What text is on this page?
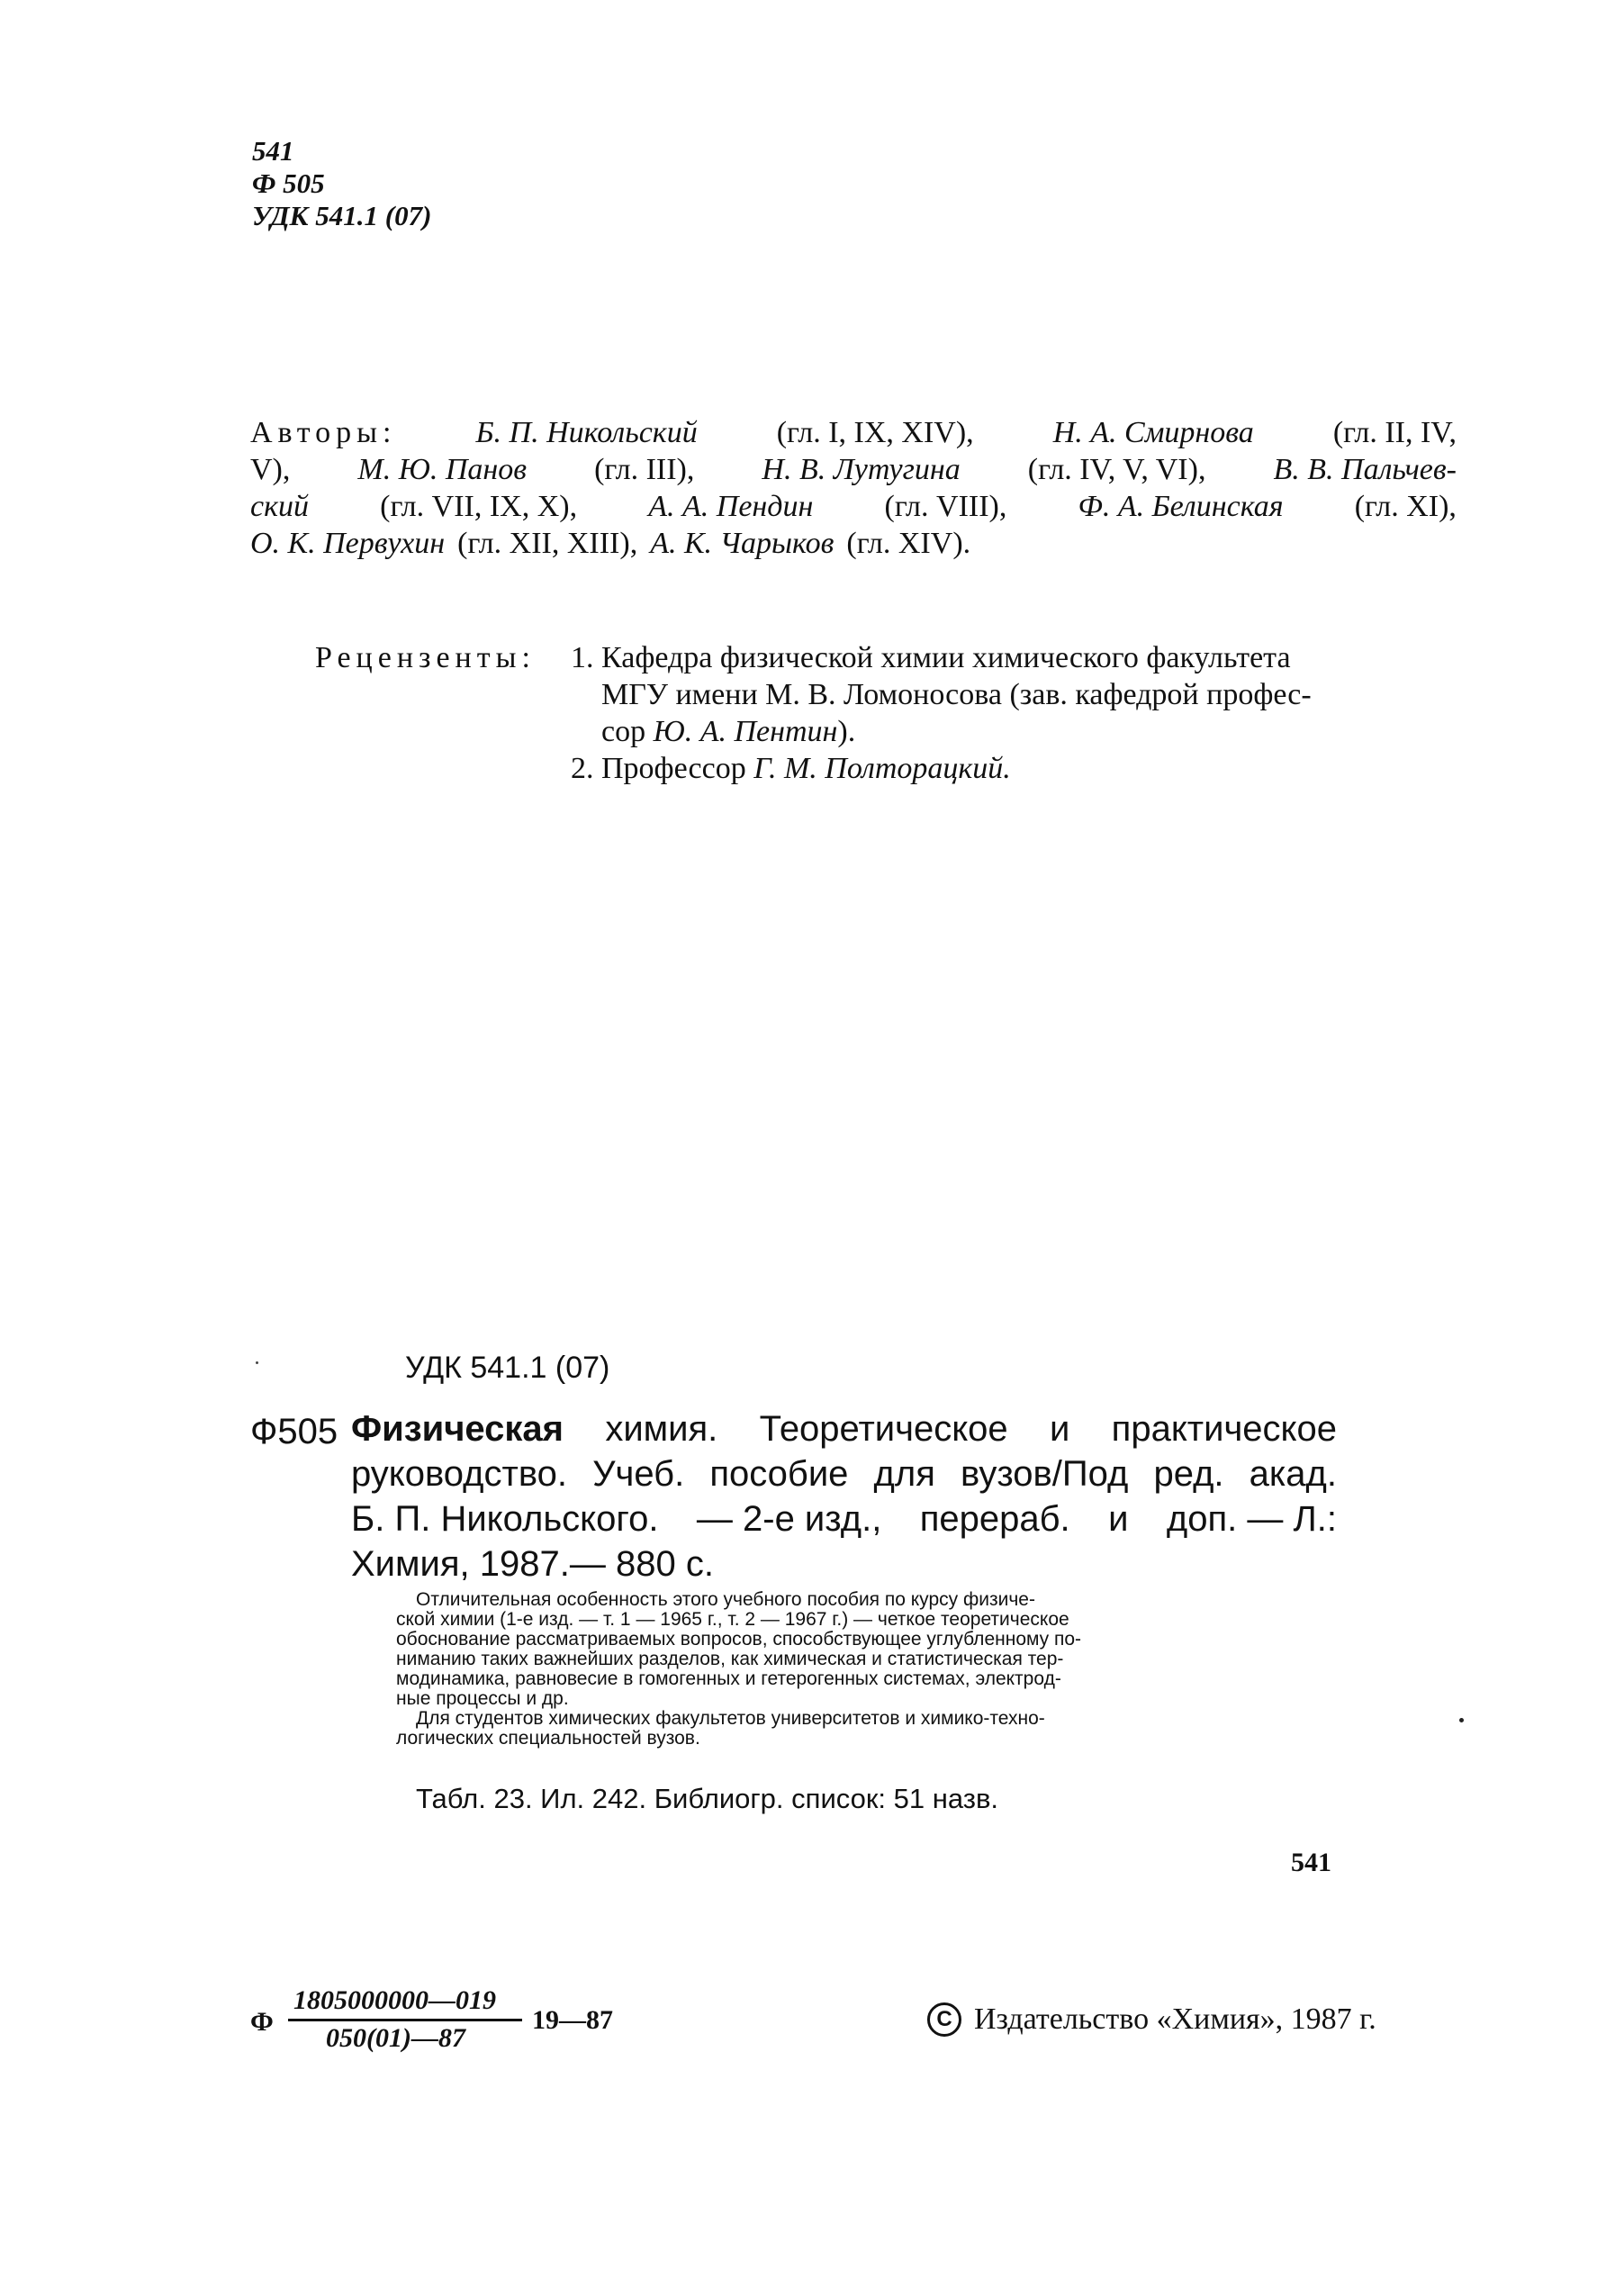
541
Ф 505
УДК 541.1 (07)
Авторы:	Б. П. Никольский	(гл. I, IX, XIV),	Н. А. Смирнова	(гл. II, IV,
V), М. Ю. Панов (гл. III), Н. В. Лутугина (гл. IV, V, VI), В. В. Пальчев-
ский (гл. VII, IX, X), А. А. Пендин (гл. VIII), Ф. А. Белинская (гл. XI),
О. К. Первухин (гл. XII, XIII), А. К. Чарыков (гл. XIV).
Рецензенты:	1. Кафедра физической химии химического факультета
МГУ имени М. В. Ломоносова (зав. кафедрой профес-
сор
Ю. А. Пентин ).
2. Профессор
Г. М. Полторацкий.
УДК 541.1 (07)
Ф505 Физическая химия. Теоретическое и практическое
руководство. Учеб. пособие для вузов/Под ред. акад.
Б. П. Никольского. — 2-е изд., перераб. и доп. — Л.:
Химия, 1987.— 880 с.
Отличительная особенность этого учебного пособия по курсу физиче-
ской химии (1-е изд. — т. 1 — 1965 г., т. 2 — 1967 г.) — четкое теоретическое
обоснование рассматриваемых вопросов, способствующее углубленному по-
ниманию таких важнейших разделов, как химическая и статистическая тер-
модинамика, равновесие в гомогенных и гетерогенных системах, электрод-
ные процессы и др.
Для студентов химических факультетов университетов и химико-техно-
логических специальностей вузов.
Табл. 23. Ил. 242. Библиогр. список: 51 назв.
541
Ф
1805000000—019
050(01)—87
19—87	C Издательство «Химия», 1987 г.
